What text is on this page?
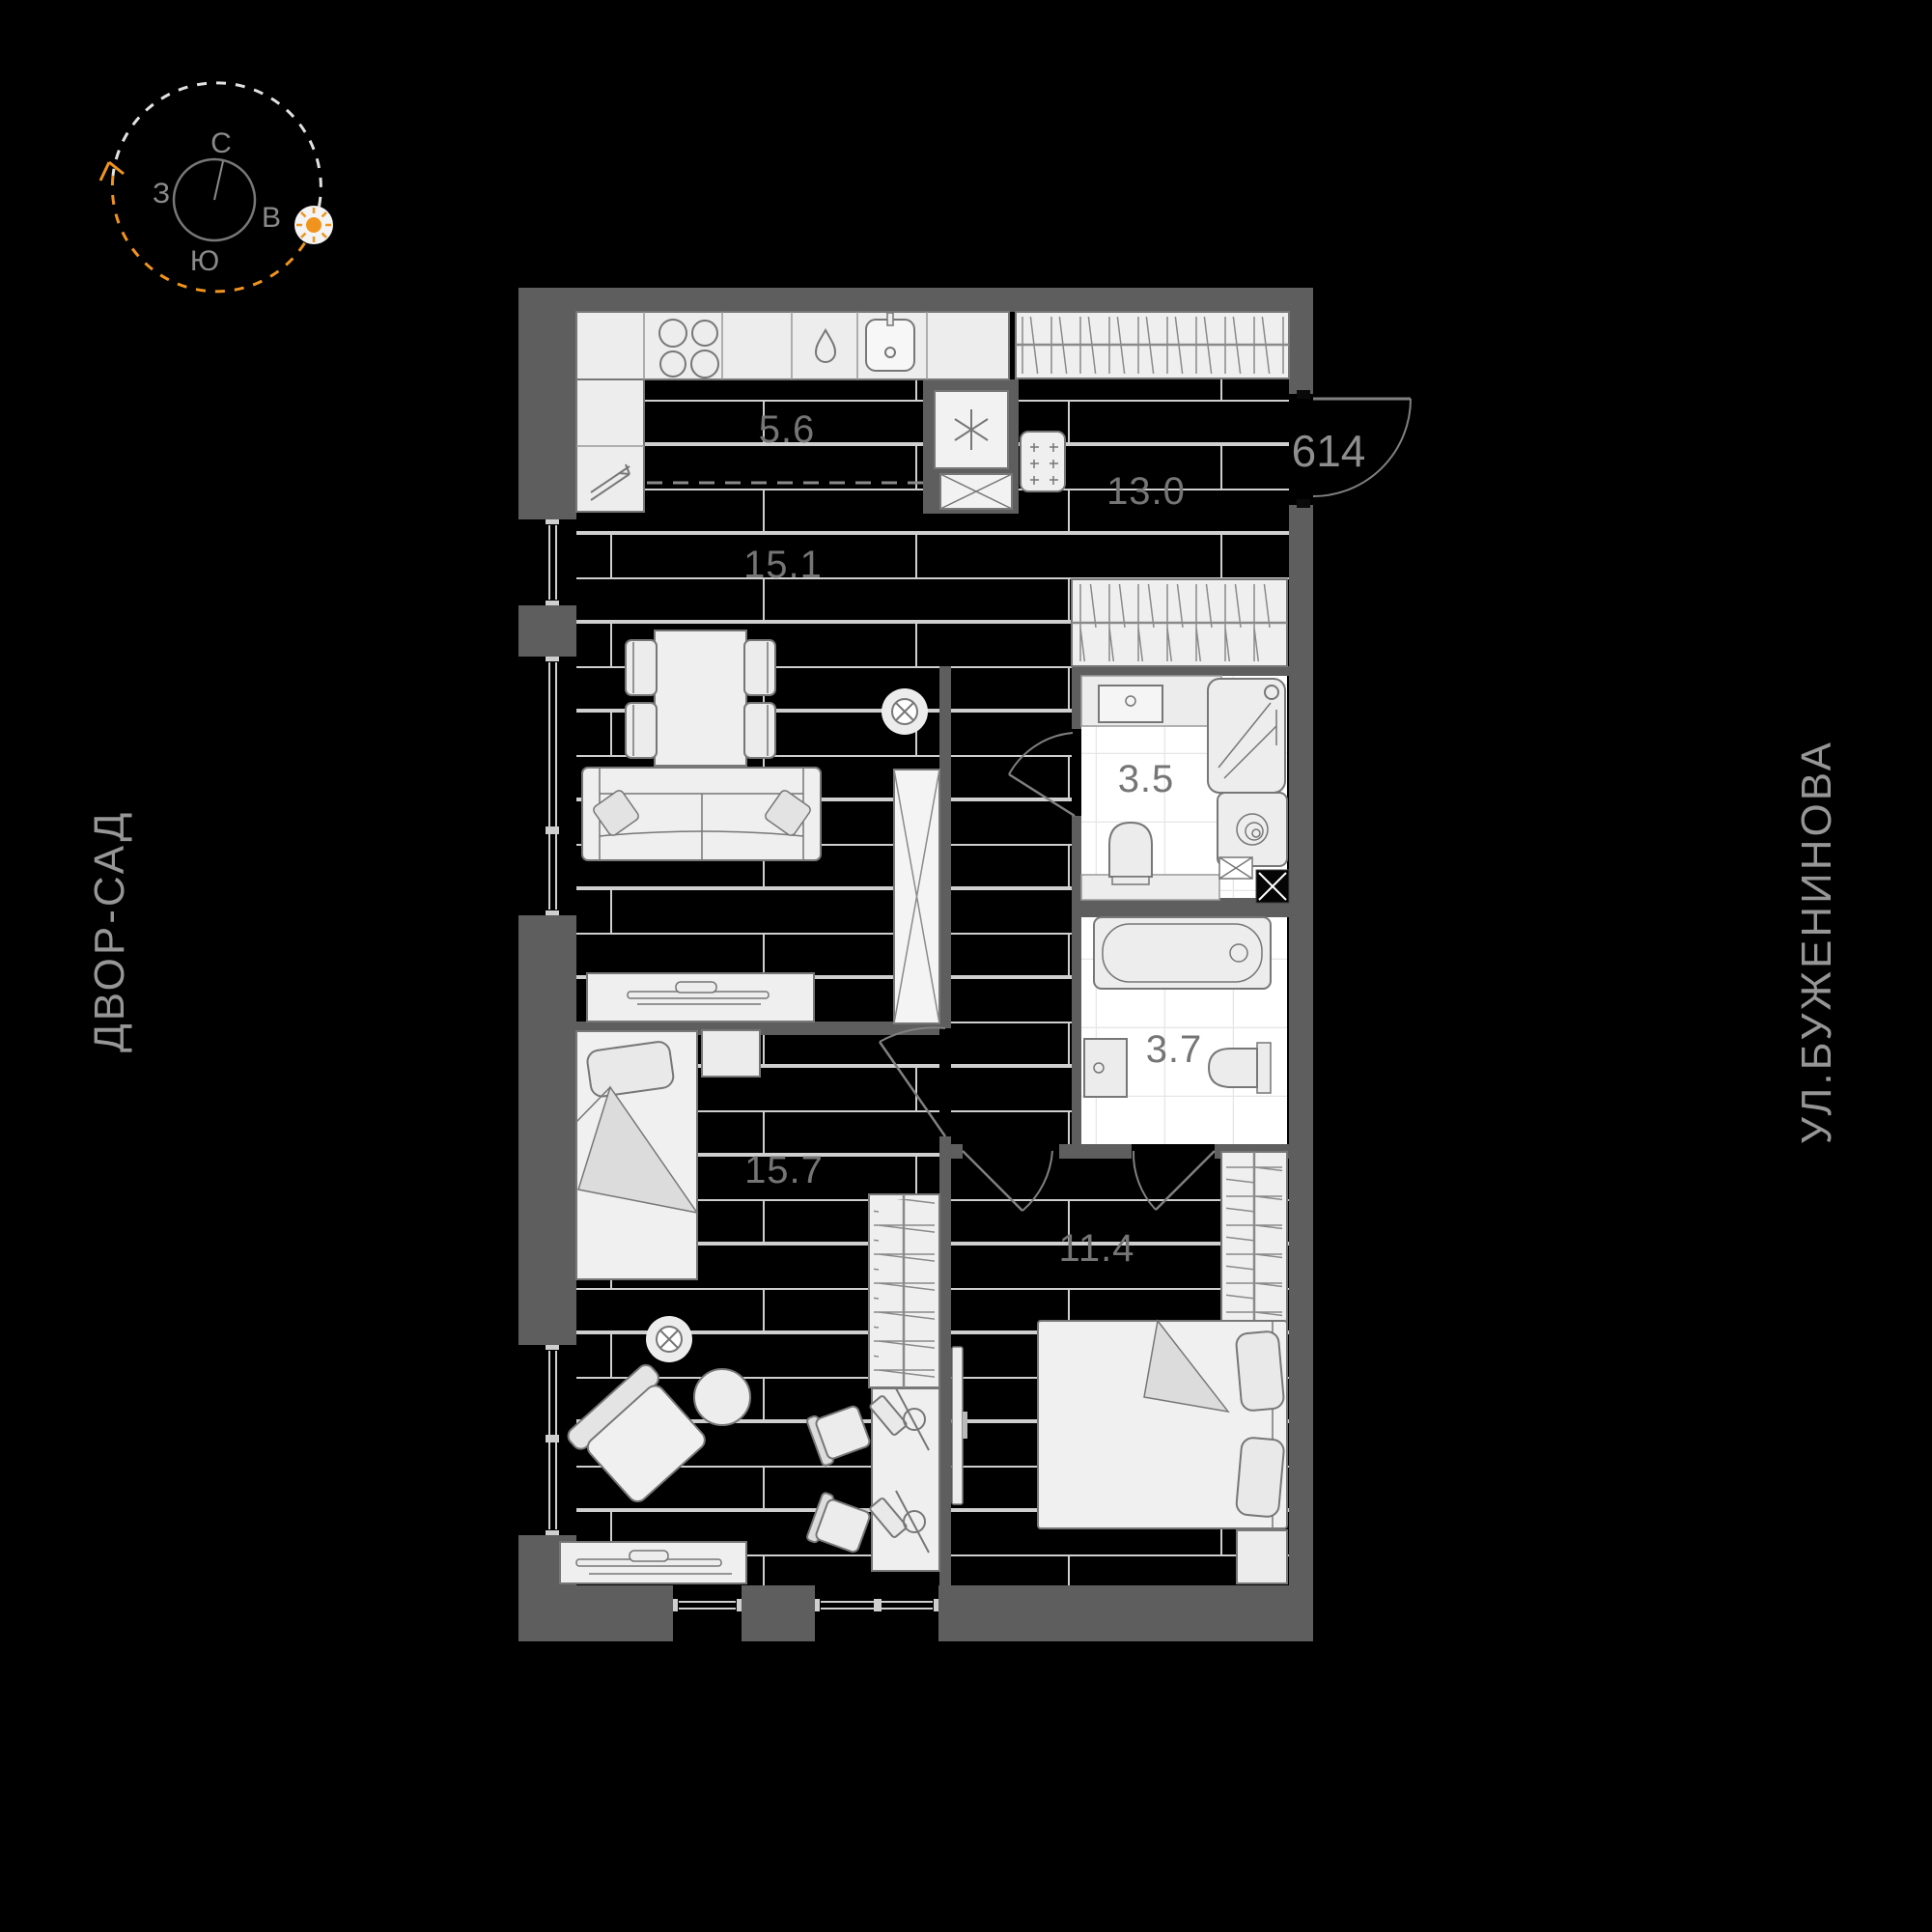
5.6
13.0
15.1
3.5
3.7
15.7
11.4
614
С
В
Ю
З
ДВОР-САД	УЛ.БУЖЕНИНОВА
